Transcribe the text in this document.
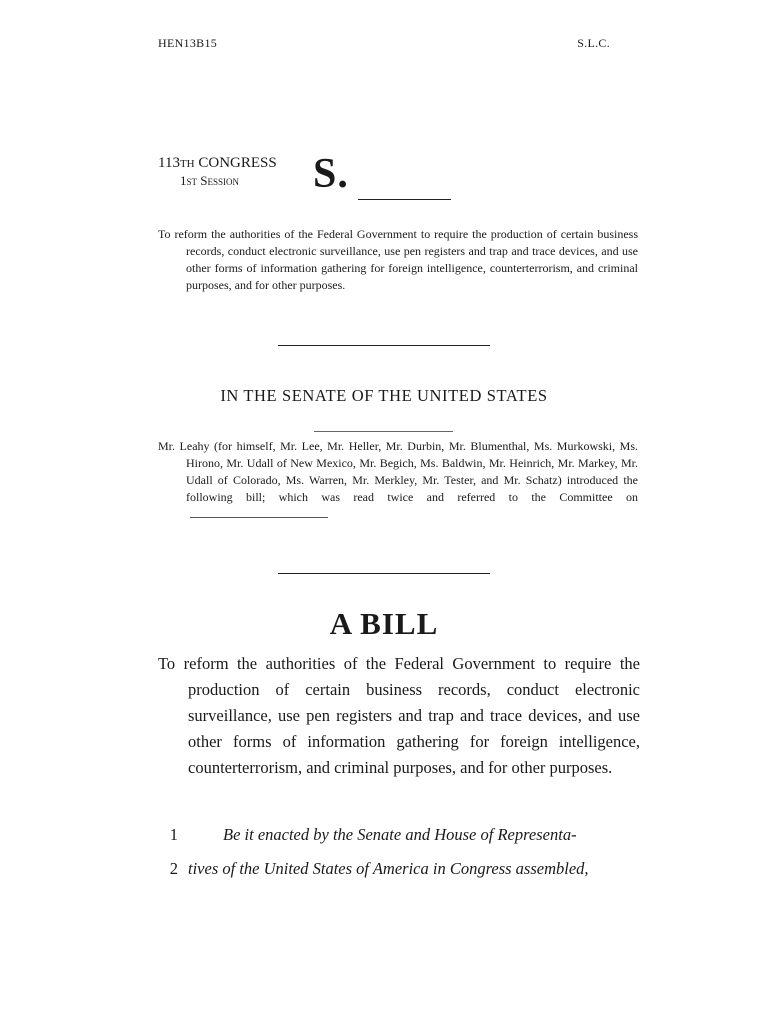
HEN13B15	S.L.C.
113th CONGRESS
1st Session	S.
To reform the authorities of the Federal Government to require the production of certain business records, conduct electronic surveillance, use pen registers and trap and trace devices, and use other forms of information gathering for foreign intelligence, counterterrorism, and criminal purposes, and for other purposes.
IN THE SENATE OF THE UNITED STATES
Mr. Leahy (for himself, Mr. Lee, Mr. Heller, Mr. Durbin, Mr. Blumenthal, Ms. Murkowski, Ms. Hirono, Mr. Udall of New Mexico, Mr. Begich, Ms. Baldwin, Mr. Heinrich, Mr. Markey, Mr. Udall of Colorado, Ms. Warren, Mr. Merkley, Mr. Tester, and Mr. Schatz) introduced the following bill; which was read twice and referred to the Committee on
A BILL
To reform the authorities of the Federal Government to require the production of certain business records, conduct electronic surveillance, use pen registers and trap and trace devices, and use other forms of information gathering for foreign intelligence, counterterrorism, and criminal purposes, and for other purposes.
1	Be it enacted by the Senate and House of Representa-
2 tives of the United States of America in Congress assembled,
